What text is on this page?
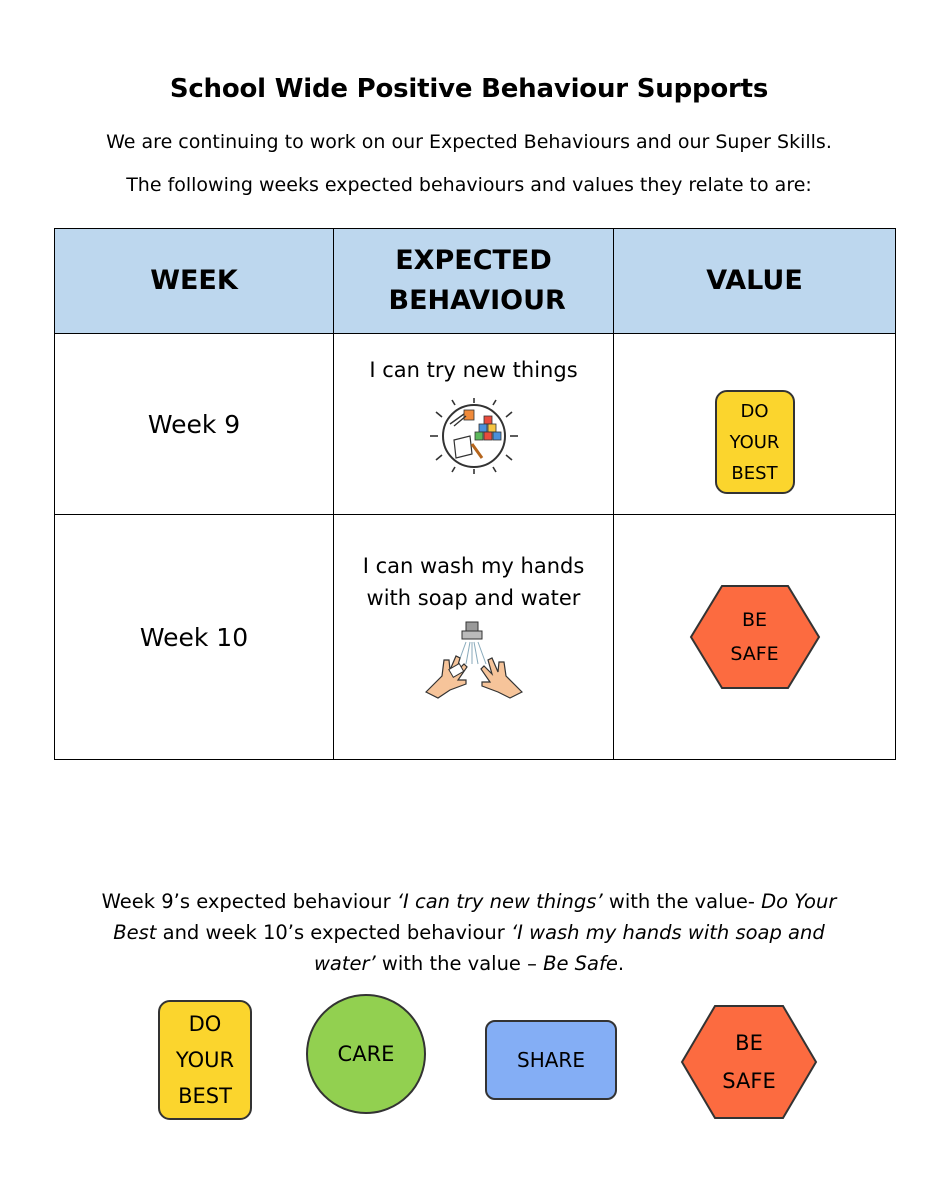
School Wide Positive Behaviour Supports
We are continuing to work on our Expected Behaviours and our Super Skills.
The following weeks expected behaviours and values they relate to are:
WEEK	EXPECTED BEHAVIOUR	VALUE
Week 9	I can try new things	DO
YOUR
BEST

Week 10	I can wash my hands with soap and water	BE
SAFE
Week 9’s expected behaviour ‘I can try new things’ with the value- Do Your Best and week 10’s expected behaviour ‘I wash my hands with soap and water’ with the value – Be Safe.
DO
YOUR
BEST
CARE	SHARE
BE
SAFE
